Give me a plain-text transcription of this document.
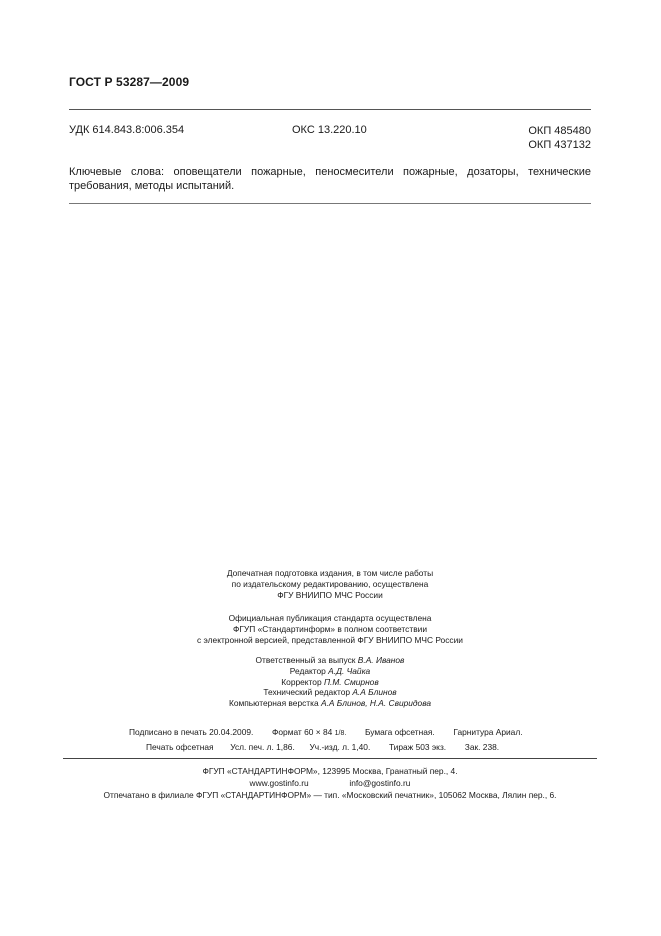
ГОСТ Р 53287—2009
УДК 614.843.8:006.354	ОКС 13.220.10	ОКП 485480
ОКП 437132
Ключевые слова: оповещатели пожарные, пеносмесители пожарные, дозаторы, технические требования, методы испытаний.
Допечатная подготовка издания, в том числе работы
по издательскому редактированию, осуществлена
ФГУ ВНИИПО МЧС России
Официальная публикация стандарта осуществлена
ФГУП «Стандартинформ» в полном соответствии
с электронной версией, представленной ФГУ ВНИИПО МЧС России
Ответственный за выпуск В.А. Иванов
Редактор А.Д. Чайка
Корректор П.М. Смирнов
Технический редактор А.А Блинов
Компьютерная верстка А.А Блинов, Н.А. Свиридова
Подписано в печать 20.04.2009. Формат 60 × 84 1/8. Бумага офсетная. Гарнитура Ариал.
Печать офсетная Усл. печ. л. 1,86. Уч.-изд. л. 1,40. Тираж 503 экз. Зак. 238.
ФГУП «СТАНДАРТИНФОРМ», 123995 Москва, Гранатный пер., 4.
www.gostinfo.ru	info@gostinfo.ru
Отпечатано в филиале ФГУП «СТАНДАРТИНФОРМ» — тип. «Московский печатник», 105062 Москва, Лялин пер., 6.
